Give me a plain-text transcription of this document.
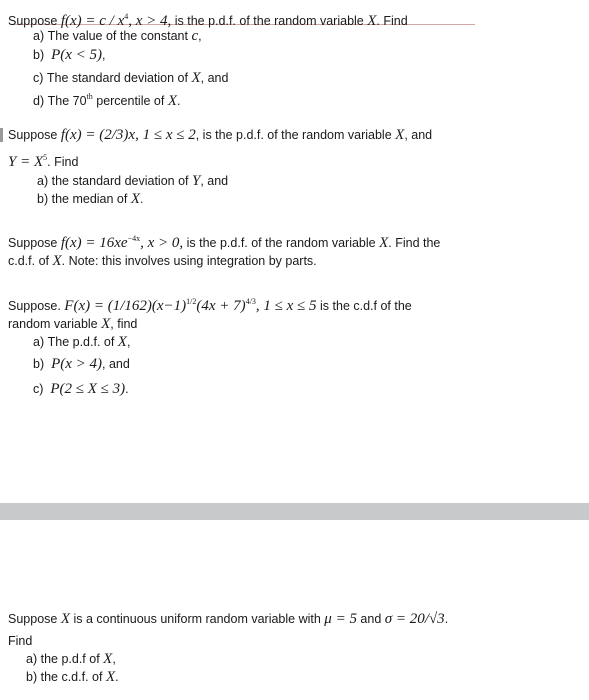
Suppose $f(x) = c / x^4$, x > 4, is the p.d.f. of the random variable X. Find
a) The value of the constant c,
b) P(x < 5),
c) The standard deviation of X, and
d) The 70th percentile of X.
Suppose f(x) = (2/3)x, 1 ≤ x ≤ 2, is the p.d.f. of the random variable X, and
$Y = X^5$. Find
a) the standard deviation of Y, and
b) the median of X.
Suppose $f(x) = 16xe^{-4x}$, x > 0, is the p.d.f. of the random variable X. Find the
c.d.f. of X. Note: this involves using integration by parts.
Suppose. $F(x) = (1/162)(x-1)^{1/2}(4x + 7)^{4/3}$, 1 ≤ x ≤ 5 is the c.d.f of the
random variable X, find
a) The p.d.f. of X,
b) P(x > 4), and
c) P(2 ≤ X ≤ 3).
Suppose X is a continuous uniform random variable with μ = 5 and σ = 20/√3.
Find
a) the p.d.f of X,
b) the c.d.f. of X.
